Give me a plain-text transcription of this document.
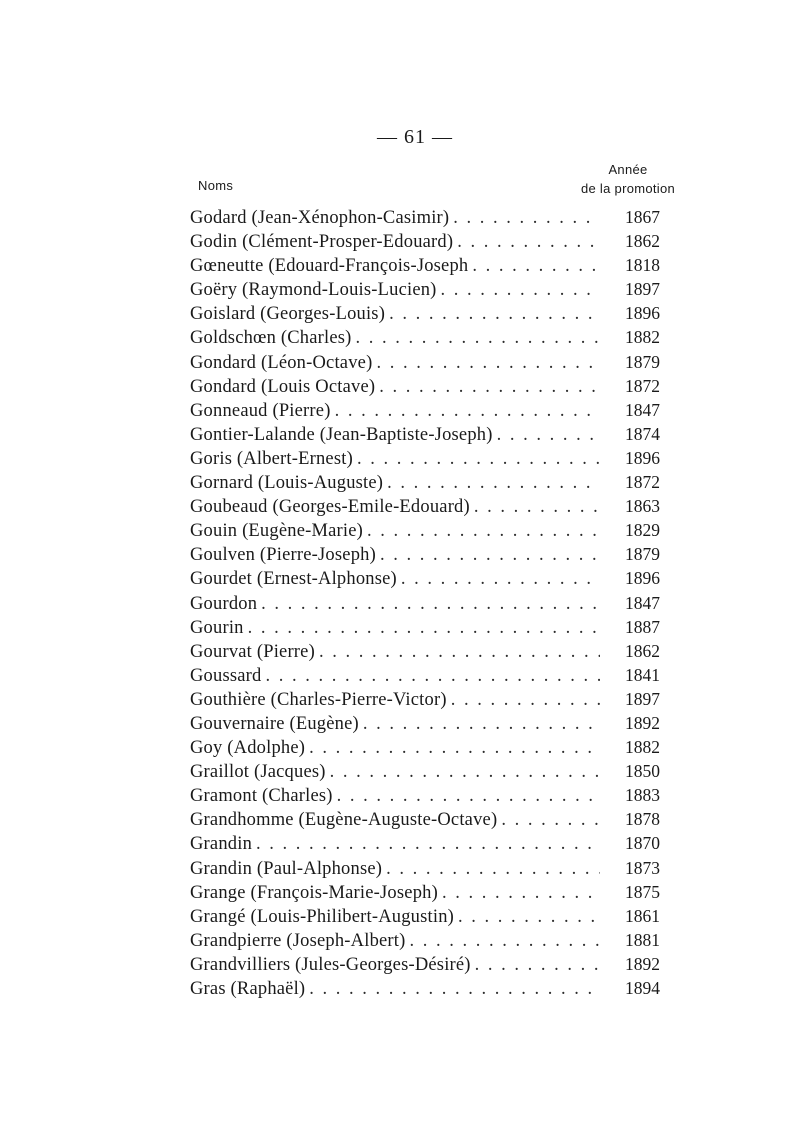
— 61 —
Noms
Année
de la promotion
Godard (Jean-Xénophon-Casimir) . . .	1867
Godin (Clément-Prosper-Edouard) . . .	1862
Gœneutte (Edouard-François-Joseph . . .	1818
Goëry (Raymond-Louis-Lucien) . . .	1897
Goislard (Georges-Louis) . . .	1896
Goldschœn (Charles) . . .	1882
Gondard (Léon-Octave) . . .	1879
Gondard (Louis Octave) . . .	1872
Gonneaud (Pierre) . . .	1847
Gontier-Lalande (Jean-Baptiste-Joseph) . . .	1874
Goris (Albert-Ernest) . . .	1896
Gornard (Louis-Auguste) . . .	1872
Goubeaud (Georges-Emile-Edouard) . . .	1863
Gouin (Eugène-Marie) . . .	1829
Goulven (Pierre-Joseph) . . .	1879
Gourdet (Ernest-Alphonse) . . .	1896
Gourdon . . .	1847
Gourin . . .	1887
Gourvat (Pierre) . . .	1862
Goussard . . .	1841
Gouthière (Charles-Pierre-Victor) . . .	1897
Gouvernaire (Eugène) . . .	1892
Goy (Adolphe) . . .	1882
Graillot (Jacques) . . .	1850
Gramont (Charles) . . .	1883
Grandhomme (Eugène-Auguste-Octave) . . .	1878
Grandin . . .	1870
Grandin (Paul-Alphonse) . . .	1873
Grange (François-Marie-Joseph) . . .	1875
Grangé (Louis-Philibert-Augustin) . . .	1861
Grandpierre (Joseph-Albert) . . .	1881
Grandvilliers (Jules-Georges-Désiré) . . .	1892
Gras (Raphaël) . . .	1894
